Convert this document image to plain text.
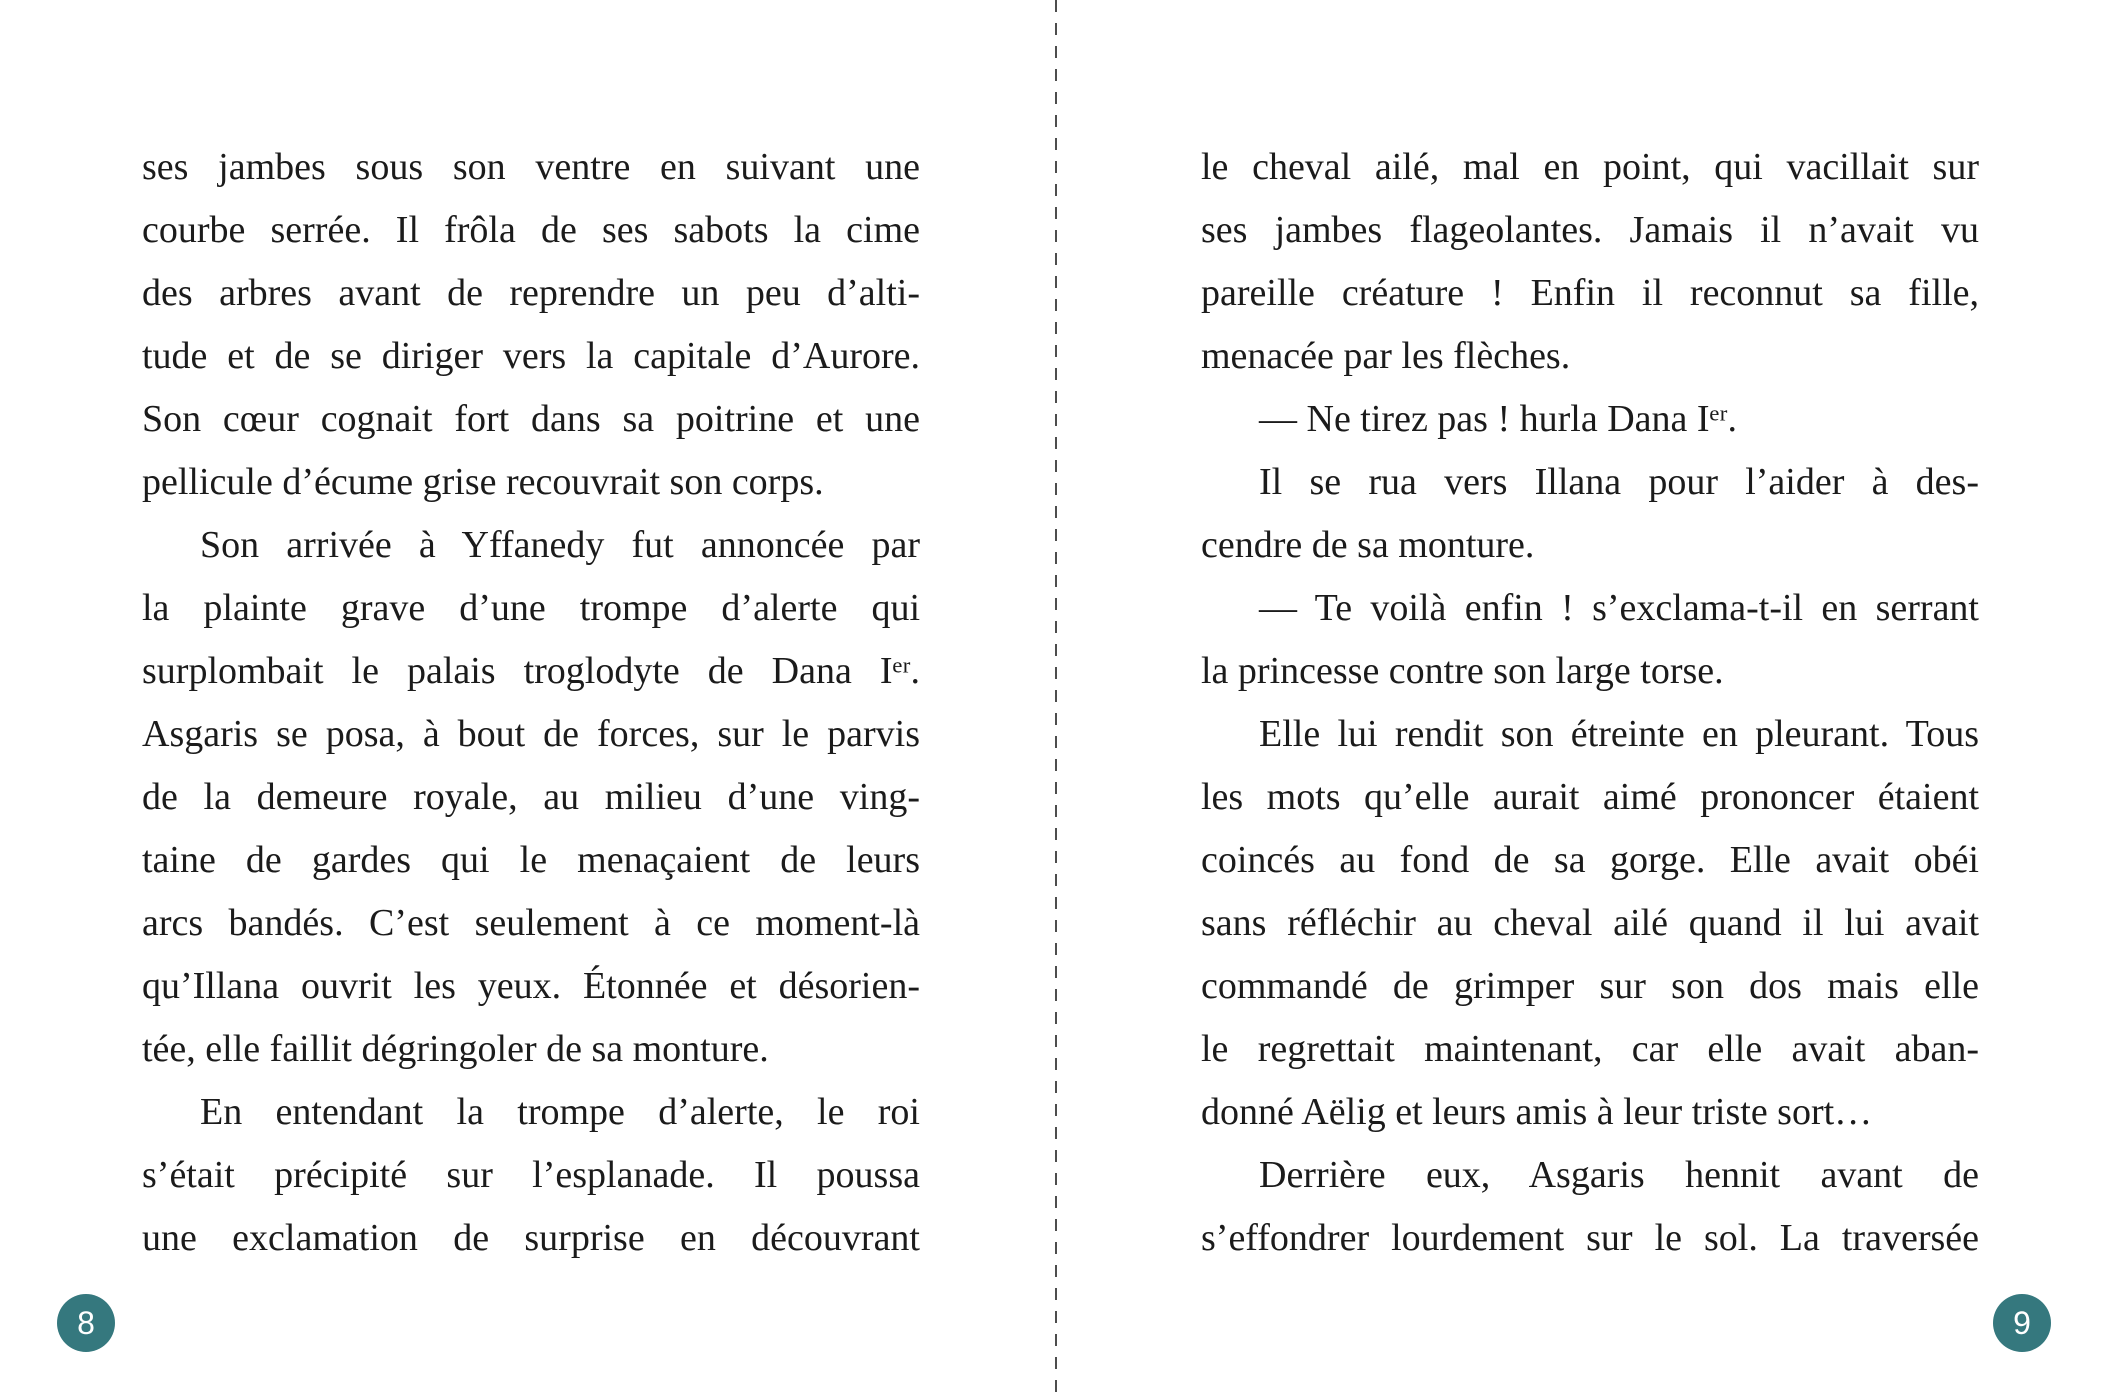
ses jambes sous son ventre en suivant une
courbe serrée. Il frôla de ses sabots la cime
des arbres avant de reprendre un peu d’alti-
tude et de se diriger vers la capitale d’Aurore.
Son cœur cognait fort dans sa poitrine et une
pellicule d’écume grise recouvrait son corps.
Son arrivée à Yffanedy fut annoncée par
la plainte grave d’une trompe d’alerte qui
surplombait le palais troglodyte de Dana Iᵉʳ.
Asgaris se posa, à bout de forces, sur le parvis
de la demeure royale, au milieu d’une ving-
taine de gardes qui le menaçaient de leurs
arcs bandés. C’est seulement à ce moment-là
qu’Illana ouvrit les yeux. Étonnée et désorien-
tée, elle faillit dégringoler de sa monture.
En entendant la trompe d’alerte, le roi
s’était précipité sur l’esplanade. Il poussa
une exclamation de surprise en découvrant
8
le cheval ailé, mal en point, qui vacillait sur
ses jambes flageolantes. Jamais il n’avait vu
pareille créature ! Enfin il reconnut sa fille,
menacée par les flèches.
— Ne tirez pas ! hurla Dana Iᵉʳ.
Il se rua vers Illana pour l’aider à des-
cendre de sa monture.
— Te voilà enfin ! s’exclama-t-il en serrant
la princesse contre son large torse.
Elle lui rendit son étreinte en pleurant. Tous
les mots qu’elle aurait aimé prononcer étaient
coincés au fond de sa gorge. Elle avait obéi
sans réfléchir au cheval ailé quand il lui avait
commandé de grimper sur son dos mais elle
le regrettait maintenant, car elle avait aban-
donné Aëlig et leurs amis à leur triste sort…
Derrière eux, Asgaris hennit avant de
s’effondrer lourdement sur le sol. La traversée
9
